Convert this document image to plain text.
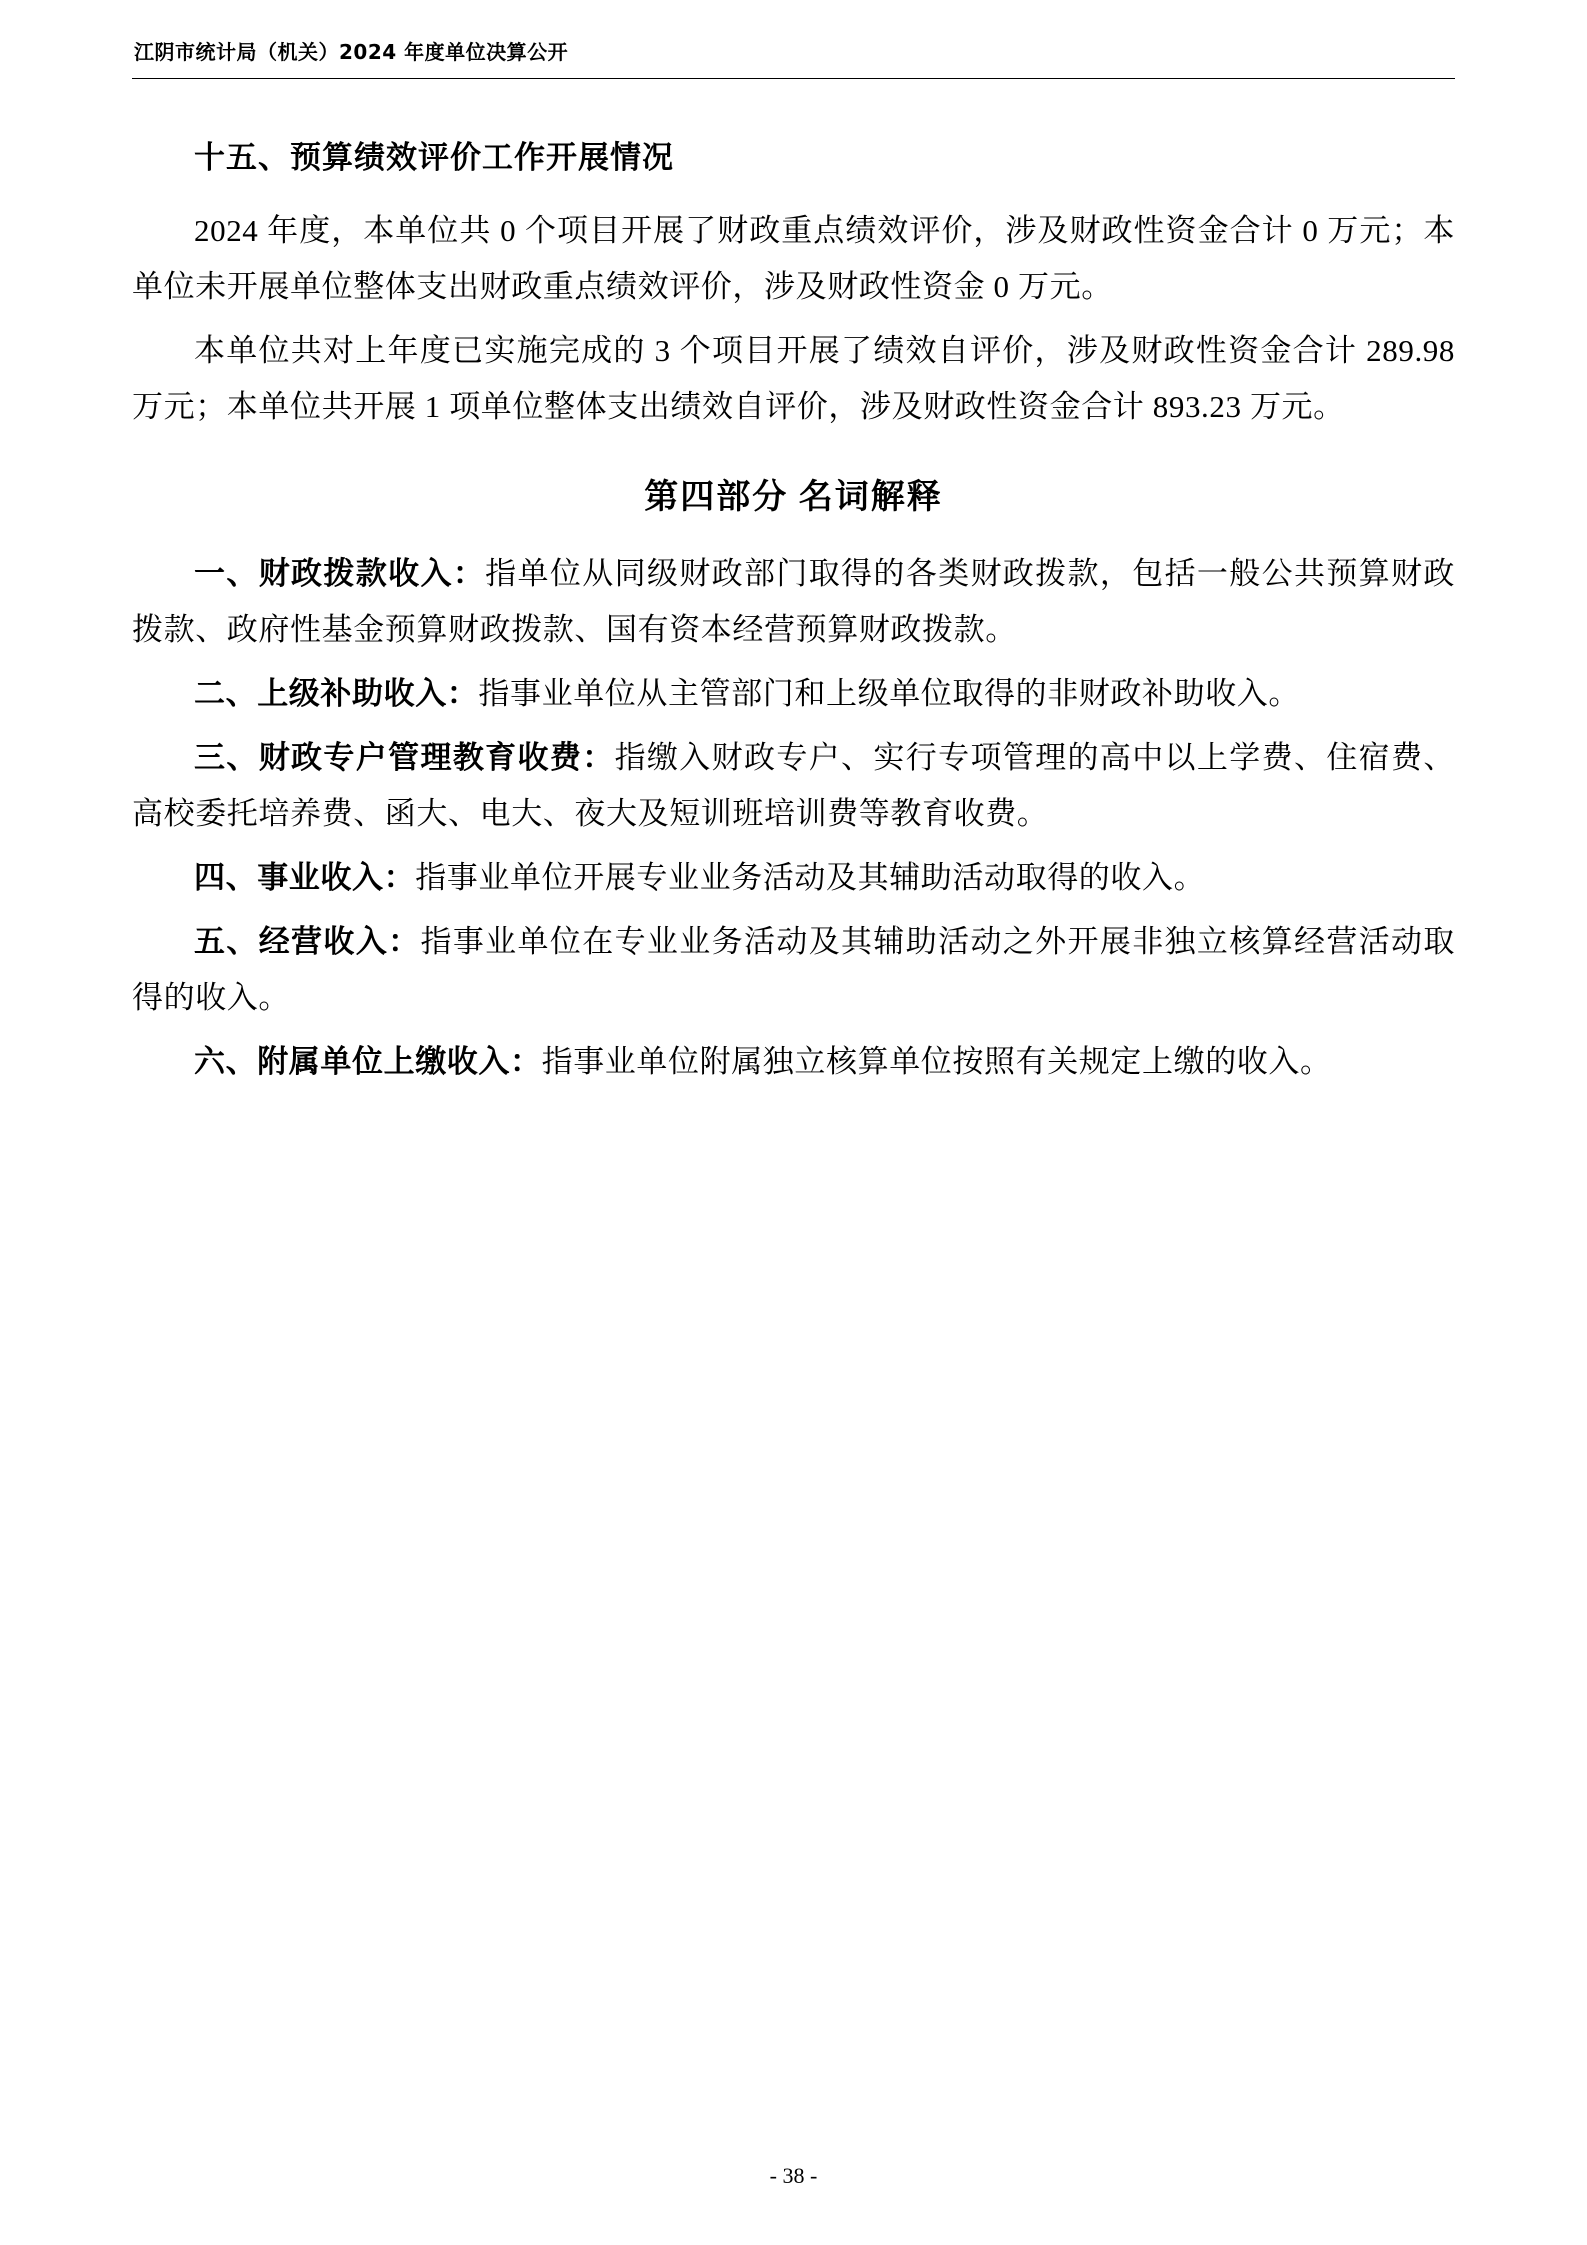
江阴市统计局（机关）2024 年度单位决算公开
十五、预算绩效评价工作开展情况

2024 年度，本单位共 0 个项目开展了财政重点绩效评价，涉及财政性资金合计 0 万元；本单位未开展单位整体支出财政重点绩效评价，涉及财政性资金 0 万元。

本单位共对上年度已实施完成的 3 个项目开展了绩效自评价，涉及财政性资金合计 289.98 万元；本单位共开展 1 项单位整体支出绩效自评价，涉及财政性资金合计 893.23 万元。

第四部分 名词解释

一、财政拨款收入：指单位从同级财政部门取得的各类财政拨款，包括一般公共预算财政拨款、政府性基金预算财政拨款、国有资本经营预算财政拨款。

二、上级补助收入：指事业单位从主管部门和上级单位取得的非财政补助收入。

三、财政专户管理教育收费：指缴入财政专户、实行专项管理的高中以上学费、住宿费、高校委托培养费、函大、电大、夜大及短训班培训费等教育收费。

四、事业收入：指事业单位开展专业业务活动及其辅助活动取得的收入。

五、经营收入：指事业单位在专业业务活动及其辅助活动之外开展非独立核算经营活动取得的收入。

六、附属单位上缴收入：指事业单位附属独立核算单位按照有关规定上缴的收入。

- 38 -
